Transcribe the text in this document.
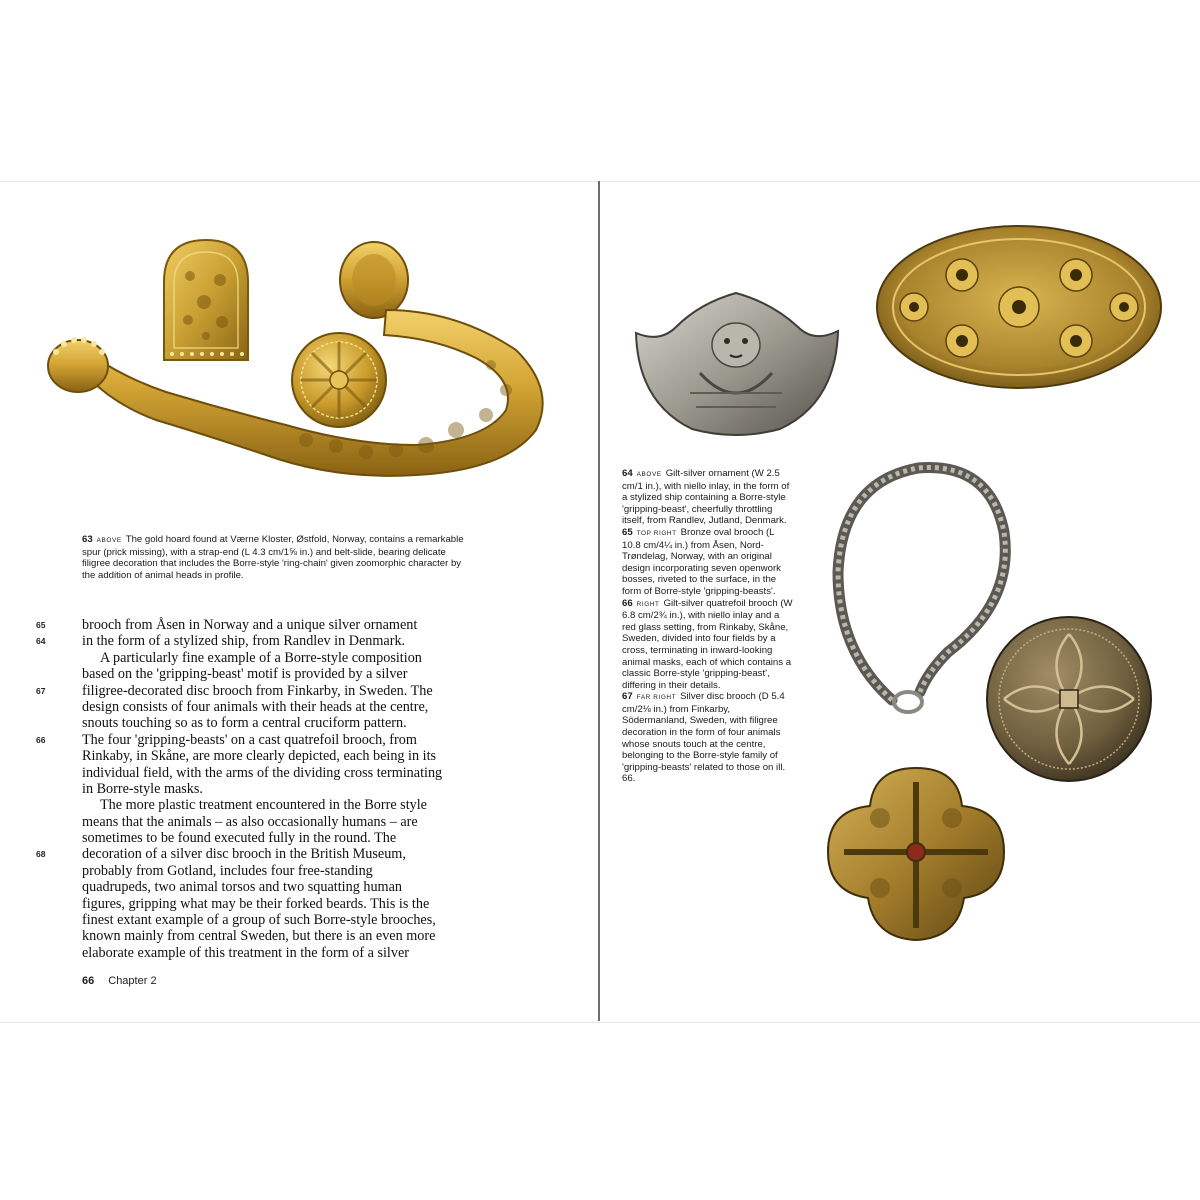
63 ABOVE The gold hoard found at Værne Kloster, Østfold, Norway, contains a remarkable spur (prick missing), with a strap-end (L 4.3 cm/1⅝ in.) and belt-slide, bearing delicate filigree decoration that includes the Borre-style 'ring-chain' given zoomorphic character by the addition of animal heads in profile.

65
64
67
66
68
brooch from Åsen in Norway and a unique silver ornament
in the form of a stylized ship, from Randlev in Denmark.
A particularly fine example of a Borre-style composition
based on the 'gripping-beast' motif is provided by a silver
filigree-decorated disc brooch from Finkarby, in Sweden. The
design consists of four animals with their heads at the centre,
snouts touching so as to form a central cruciform pattern.
The four 'gripping-beasts' on a cast quatrefoil brooch, from
Rinkaby, in Skåne, are more clearly depicted, each being in its
individual field, with the arms of the dividing cross terminating
in Borre-style masks.
The more plastic treatment encountered in the Borre style
means that the animals – as also occasionally humans – are
sometimes to be found executed fully in the round. The
decoration of a silver disc brooch in the British Museum,
probably from Gotland, includes four free-standing
quadrupeds, two animal torsos and two squatting human
figures, gripping what may be their forked beards. This is the
finest extant example of a group of such Borre-style brooches,
known mainly from central Sweden, but there is an even more
elaborate example of this treatment in the form of a silver
66 Chapter 2

64 ABOVE Gilt-silver ornament (W 2.5 cm/1 in.), with niello inlay, in the form of a stylized ship containing a Borre-style 'gripping-beast', cheerfully throttling itself, from Randlev, Jutland, Denmark.

65 TOP RIGHT Bronze oval brooch (L 10.8 cm/4¼ in.) from Åsen, Nord-Trøndelag, Norway, with an original design incorporating seven openwork bosses, riveted to the surface, in the form of Borre-style 'gripping-beasts'.

66 RIGHT Gilt-silver quatrefoil brooch (W 6.8 cm/2¾ in.), with niello inlay and a red glass setting, from Rinkaby, Skåne, Sweden, divided into four fields by a cross, terminating in inward-looking animal masks, each of which contains a classic Borre-style 'gripping-beast', differing in their details.

67 FAR RIGHT Silver disc brooch (D 5.4 cm/2⅛ in.) from Finkarby, Södermanland, Sweden, with filigree decoration in the form of four animals whose snouts touch at the centre, belonging to the Borre-style family of 'gripping-beasts' related to those on ill. 66.
